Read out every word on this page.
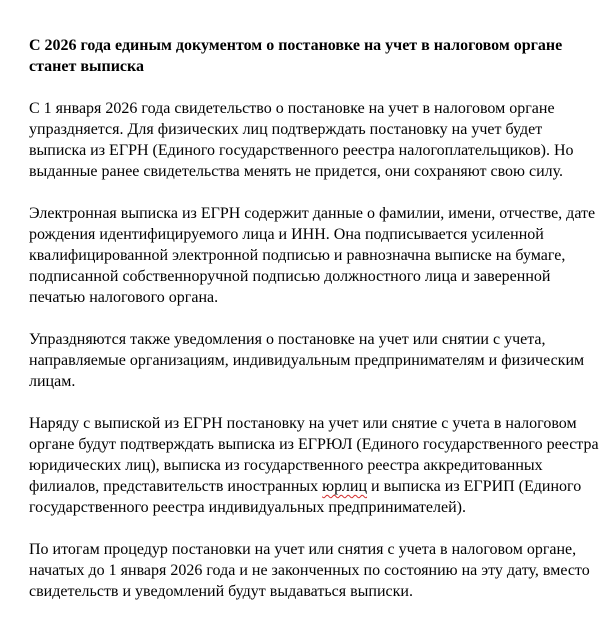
С 2026 года единым документом о постановке на учет в налоговом органе станет выписка

С 1 января 2026 года свидетельство о постановке на учет в налоговом органе упраздняется. Для физических лиц подтверждать постановку на учет будет выписка из ЕГРН (Единого государственного реестра налогоплательщиков). Но выданные ранее свидетельства менять не придется, они сохраняют свою силу.

Электронная выписка из ЕГРН содержит данные о фамилии, имени, отчестве, дате рождения идентифицируемого лица и ИНН. Она подписывается усиленной квалифицированной электронной подписью и равнозначна выписке на бумаге, подписанной собственноручной подписью должностного лица и заверенной печатью налогового органа.

Упраздняются также уведомления о постановке на учет или снятии с учета, направляемые организациям, индивидуальным предпринимателям и физическим лицам.

Наряду с выпиской из ЕГРН постановку на учет или снятие с учета в налоговом органе будут подтверждать выписка из ЕГРЮЛ (Единого государственного реестра юридических лиц), выписка из государственного реестра аккредитованных филиалов, представительств иностранных юрлиц и выписка из ЕГРИП (Единого государственного реестра индивидуальных предпринимателей).

По итогам процедур постановки на учет или снятия с учета в налоговом органе, начатых до 1 января 2026 года и не законченных по состоянию на эту дату, вместо свидетельств и уведомлений будут выдаваться выписки.
